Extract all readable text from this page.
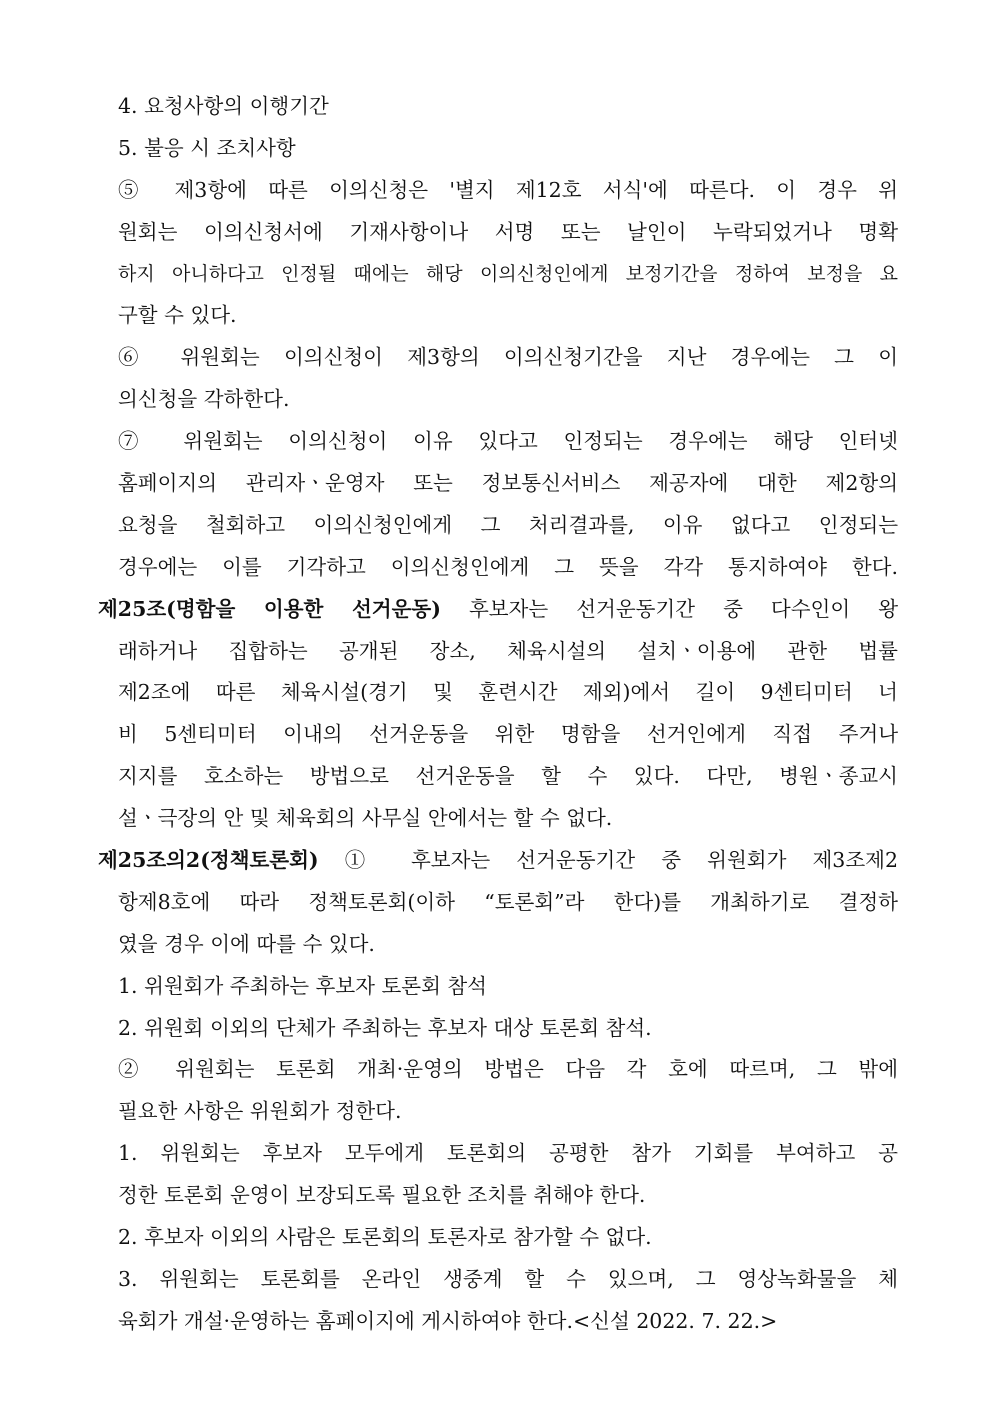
4. 요청사항의 이행기간
5. 불응 시 조치사항
⑤ 제3항에 따른 이의신청은 '별지 제12호 서식'에 따른다. 이 경우 위
원회는 이의신청서에 기재사항이나 서명 또는 날인이 누락되었거나 명확
하지 아니하다고 인정될 때에는 해당 이의신청인에게 보정기간을 정하여 보정을 요
구할 수 있다.
⑥ 위원회는 이의신청이 제3항의 이의신청기간을 지난 경우에는 그 이
의신청을 각하한다.
⑦ 위원회는 이의신청이 이유 있다고 인정되는 경우에는 해당 인터넷
홈페이지의 관리자ㆍ운영자 또는 정보통신서비스 제공자에 대한 제2항의
요청을 철회하고 이의신청인에게 그 처리결과를, 이유 없다고 인정되는
경우에는 이를 기각하고 이의신청인에게 그 뜻을 각각 통지하여야 한다.
제25조(명함을 이용한 선거운동) 후보자는 선거운동기간 중 다수인이 왕
래하거나 집합하는 공개된 장소, 체육시설의 설치ㆍ이용에 관한 법률
제2조에 따른 체육시설(경기 및 훈련시간 제외)에서 길이 9센티미터 너
비 5센티미터 이내의 선거운동을 위한 명함을 선거인에게 직접 주거나
지지를 호소하는 방법으로 선거운동을 할 수 있다. 다만, 병원ㆍ종교시
설ㆍ극장의 안 및 체육회의 사무실 안에서는 할 수 없다.
제25조의2(정책토론회) ① 후보자는 선거운동기간 중 위원회가 제3조제2
항제8호에 따라 정책토론회(이하 “토론회”라 한다)를 개최하기로 결정하
였을 경우 이에 따를 수 있다.
1. 위원회가 주최하는 후보자 토론회 참석
2. 위원회 이외의 단체가 주최하는 후보자 대상 토론회 참석.
② 위원회는 토론회 개최·운영의 방법은 다음 각 호에 따르며, 그 밖에
필요한 사항은 위원회가 정한다.
1. 위원회는 후보자 모두에게 토론회의 공평한 참가 기회를 부여하고 공
정한 토론회 운영이 보장되도록 필요한 조치를 취해야 한다.
2. 후보자 이외의 사람은 토론회의 토론자로 참가할 수 없다.
3. 위원회는 토론회를 온라인 생중계 할 수 있으며, 그 영상녹화물을 체
육회가 개설·운영하는 홈페이지에 게시하여야 한다.<신설 2022. 7. 22.>
